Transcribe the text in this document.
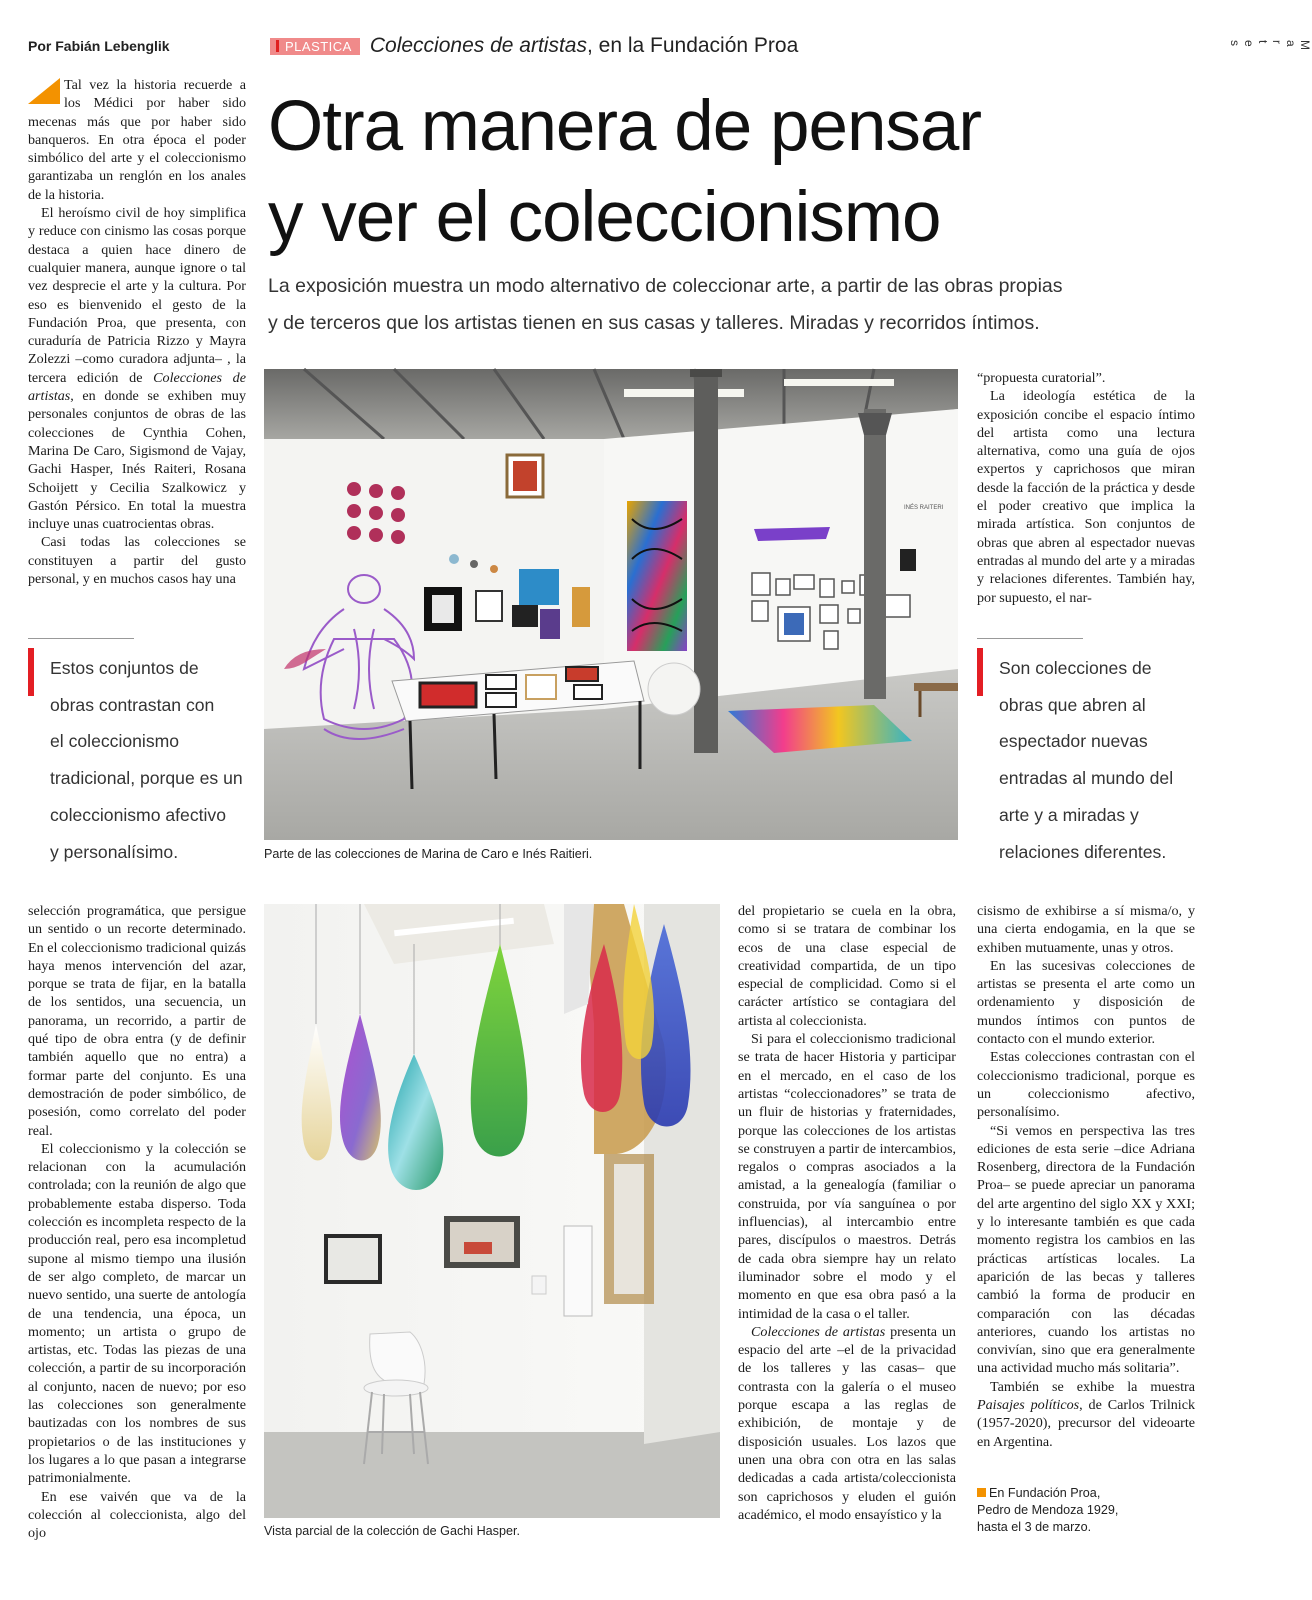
Por Fabián Lebenglik	PLASTICA Colecciones de artistas, en la Fundación Proa	M
a
r
t
e
s
Otra manera de pensar
y ver el coleccionismo
La exposición muestra un modo alternativo de coleccionar arte, a partir de las obras propias
y de terceros que los artistas tienen en sus casas y talleres. Miradas y recorridos íntimos.

Tal vez la historia recuerde a los Médici por haber sido mecenas más que por haber sido banqueros. En otra época el poder simbólico del arte y el coleccionismo garantizaba un renglón en los anales de la historia.

El heroísmo civil de hoy simplifica y reduce con cinismo las cosas porque destaca a quien hace dinero de cualquier manera, aunque ignore o tal vez desprecie el arte y la cultura. Por eso es bienvenido el gesto de la Fundación Proa, que presenta, con curaduría de Patricia Rizzo y Mayra Zolezzi –como curadora adjunta– , la tercera edición de Colecciones de artistas, en donde se exhiben muy personales conjuntos de obras de las colecciones de Cynthia Cohen, Marina De Caro, Sigismond de Vajay, Gachi Hasper, Inés Raiteri, Rosana Schoijett y Cecilia Szalkowicz y Gastón Pérsico. En total la muestra incluye unas cuatrocientas obras.

Casi todas las colecciones se constituyen a partir del gusto personal, y en muchos casos hay una

“propuesta curatorial”.

La ideología estética de la exposición concibe el espacio íntimo del artista como una lectura alternativa, como una guía de ojos expertos y caprichosos que miran desde la facción de la práctica y desde el poder creativo que implica la mirada artística. Son conjuntos de obras que abren al espectador nuevas entradas al mundo del arte y a miradas y relaciones diferentes. También hay, por supuesto, el nar-

Estos conjuntos de
obras contrastan con
el coleccionismo
tradicional, porque es un
coleccionismo afectivo
y personalísimo.
Son colecciones de
obras que abren al
espectador nuevas
entradas al mundo del
arte y a miradas y
relaciones diferentes.
INÉS RAITERI
Parte de las colecciones de Marina de Caro e Inés Raitieri.
Vista parcial de la colección de Gachi Hasper.

selección programática, que persigue un sentido o un recorte determinado. En el coleccionismo tradicional quizás haya menos intervención del azar, porque se trata de fijar, en la batalla de los sentidos, una secuencia, un panorama, un recorrido, a partir de qué tipo de obra entra (y de definir también aquello que no entra) a formar parte del conjunto. Es una demostración de poder simbólico, de posesión, como correlato del poder real.

El coleccionismo y la colección se relacionan con la acumulación controlada; con la reunión de algo que probablemente estaba disperso. Toda colección es incompleta respecto de la producción real, pero esa incompletud supone al mismo tiempo una ilusión de ser algo completo, de marcar un nuevo sentido, una suerte de antología de una tendencia, una época, un momento; un artista o grupo de artistas, etc. Todas las piezas de una colección, a partir de su incorporación al conjunto, nacen de nuevo; por eso las colecciones son generalmente bautizadas con los nombres de sus propietarios o de las instituciones y los lugares a lo que pasan a integrarse patrimonialmente.

En ese vaivén que va de la colección al coleccionista, algo del ojo

del propietario se cuela en la obra, como si se tratara de combinar los ecos de una clase especial de creatividad compartida, de un tipo especial de complicidad. Como si el carácter artístico se contagiara del artista al coleccionista.

Si para el coleccionismo tradicional se trata de hacer Historia y participar en el mercado, en el caso de los artistas “coleccionadores” se trata de un fluir de historias y fraternidades, porque las colecciones de los artistas se construyen a partir de intercambios, regalos o compras asociados a la amistad, a la genealogía (familiar o construida, por vía sanguínea o por influencias), al intercambio entre pares, discípulos o maestros. Detrás de cada obra siempre hay un relato iluminador sobre el modo y el momento en que esa obra pasó a la intimidad de la casa o el taller.

Colecciones de artistas presenta un espacio del arte –el de la privacidad de los talleres y las casas– que contrasta con la galería o el museo porque escapa a las reglas de exhibición, de montaje y de disposición usuales. Los lazos que unen una obra con otra en las salas dedicadas a cada artista/coleccionista son caprichosos y eluden el guión académico, el modo ensayístico y la

cisismo de exhibirse a sí misma/o, y una cierta endogamia, en la que se exhiben mutuamente, unas y otros.

En las sucesivas colecciones de artistas se presenta el arte como un ordenamiento y disposición de mundos íntimos con puntos de contacto con el mundo exterior.

Estas colecciones contrastan con el coleccionismo tradicional, porque es un coleccionismo afectivo, personalísimo.

“Si vemos en perspectiva las tres ediciones de esta serie –dice Adriana Rosenberg, directora de la Fundación Proa– se puede apreciar un panorama del arte argentino del siglo XX y XXI; y lo interesante también es que cada momento registra los cambios en las prácticas artísticas locales. La aparición de las becas y talleres cambió la forma de producir en comparación con las décadas anteriores, cuando los artistas no convivían, sino que era generalmente una actividad mucho más solitaria”.

También se exhibe la muestra Paisajes políticos, de Carlos Trilnick (1957-2020), precursor del videoarte en Argentina.

En Fundación Proa,
Pedro de Mendoza 1929,
hasta el 3 de marzo.
